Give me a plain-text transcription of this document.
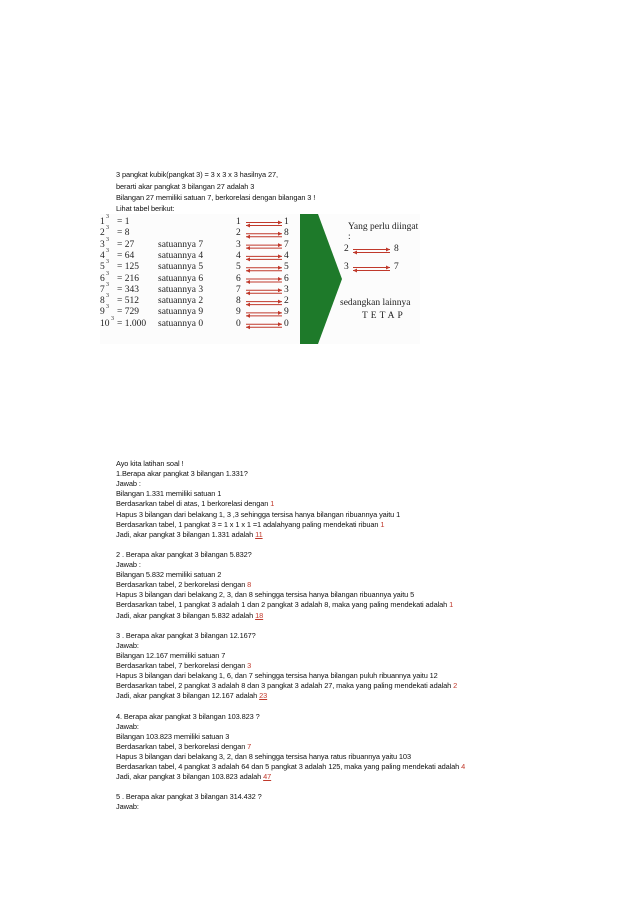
3 pangkat kubik(pangkat 3) = 3 x 3 x 3 hasilnya 27,
berarti akar pangkat 3 bilangan 27 adalah 3
Bilangan 27 memiliki satuan 7, berkorelasi dengan bilangan 3 !
Lihat tabel berikut:
1 3 = 1	1	1
2 3 = 8	2	8
3 3 = 27	satuannya 7	3	7
4 3 = 64	satuannya 4	4	4
5 3 = 125 satuannya 5	5	5
6 3 = 216 satuannya 6	6	6
7 3 = 343 satuannya 3	7	3
8 3 = 512 satuannya 2	8	2
9 3 = 729 satuannya 9	9	9
10 3 = 1.000 satuannya 0	0	0
Yang perlu diingat :
2	8
3	7
sedangkan lainnya
TETAP
Ayo kita latihan soal !
1.Berapa akar pangkat 3 bilangan 1.331?
Jawab :
Bilangan 1.331 memiliki satuan 1
Berdasarkan tabel di atas, 1 berkorelasi dengan 1
Hapus 3 bilangan dari belakang 1, 3 ,3 sehingga tersisa hanya bilangan ribuannya yaitu 1
Berdasarkan tabel, 1 pangkat 3 = 1 x 1 x 1 =1 adalahyang paling mendekati ribuan 1
Jadi, akar pangkat 3 bilangan 1.331 adalah 11
2 . Berapa akar pangkat 3 bilangan 5.832?
Jawab :
Bilangan 5.832 memiliki satuan 2
Berdasarkan tabel, 2 berkorelasi dengan 8
Hapus 3 bilangan dari belakang 2, 3, dan 8 sehingga tersisa hanya bilangan ribuannya yaitu 5
Berdasarkan tabel, 1 pangkat 3 adalah 1 dan 2 pangkat 3 adalah 8, maka yang paling mendekati adalah 1
Jadi, akar pangkat 3 bilangan 5.832 adalah 18
3 . Berapa akar pangkat 3 bilangan 12.167?
Jawab:
Bilangan 12.167 memiliki satuan 7
Berdasarkan tabel, 7 berkorelasi dengan 3
Hapus 3 bilangan dari belakang 1, 6, dan 7 sehingga tersisa hanya bilangan puluh ribuannya yaitu 12
Berdasarkan tabel, 2 pangkat 3 adalah 8 dan 3 pangkat 3 adalah 27, maka yang paling mendekati adalah 2
Jadi, akar pangkat 3 bilangan 12.167 adalah 23
4. Berapa akar pangkat 3 bilangan 103.823 ?
Jawab:
Bilangan 103.823 memiliki satuan 3
Berdasarkan tabel, 3 berkorelasi dengan 7
Hapus 3 bilangan dari belakang 3, 2, dan 8 sehingga tersisa hanya ratus ribuannya yaitu 103
Berdasarkan tabel, 4 pangkat 3 adalah 64 dan 5 pangkat 3 adalah 125, maka yang paling mendekati adalah 4
Jadi, akar pangkat 3 bilangan 103.823 adalah 47
5 . Berapa akar pangkat 3 bilangan 314.432 ?
Jawab:
